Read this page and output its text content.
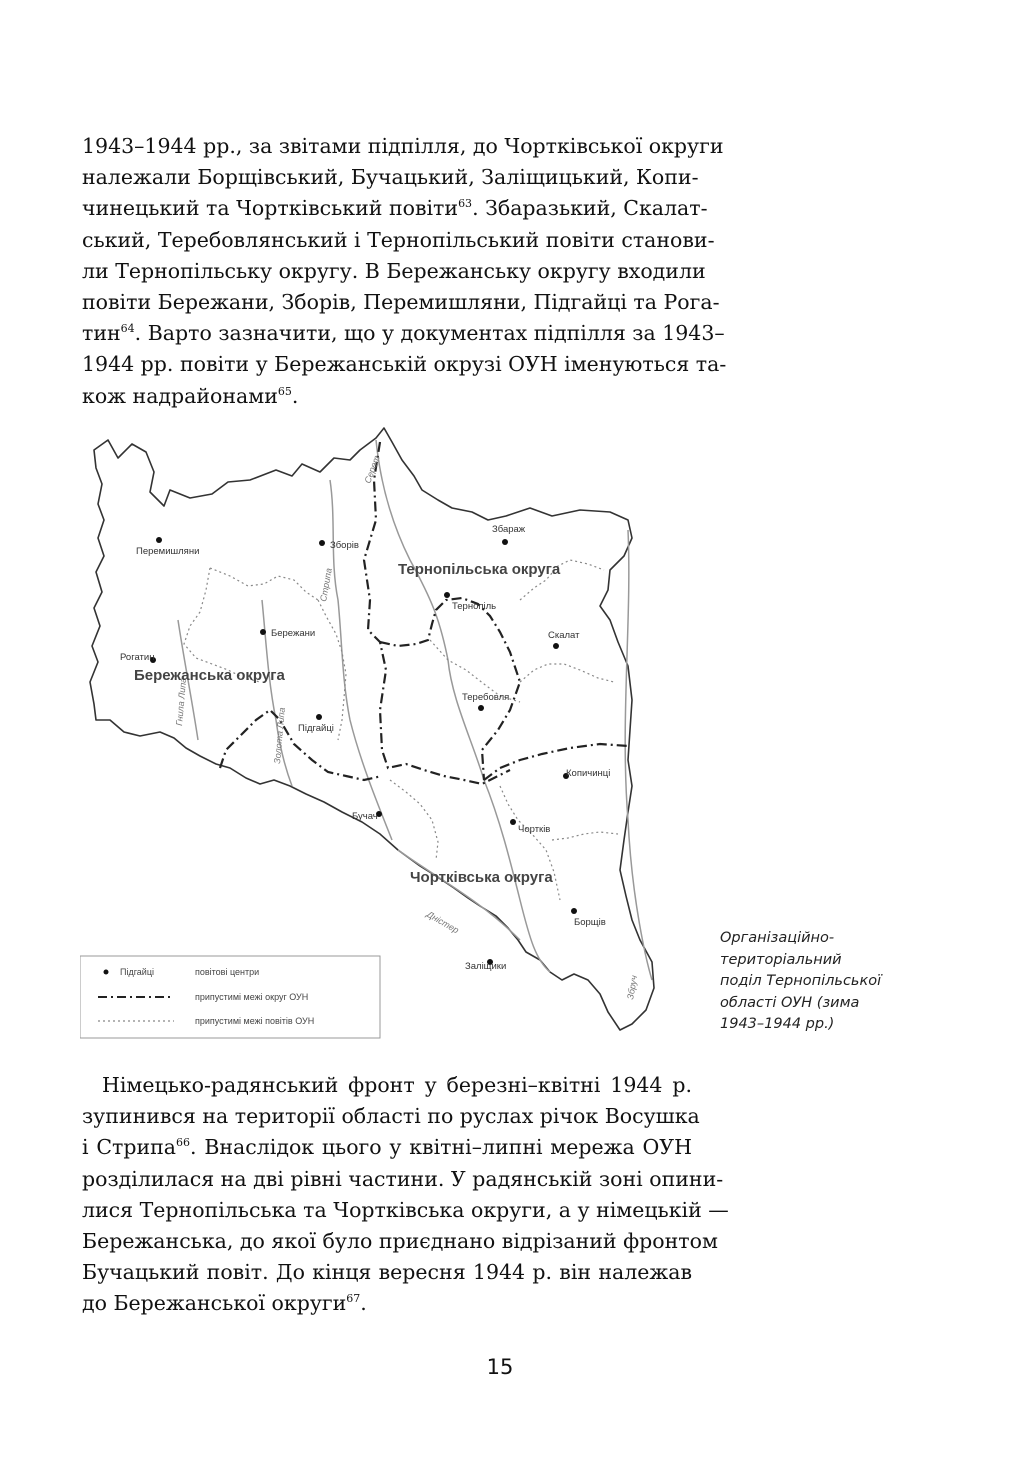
1943–1944 рр., за звітами підпілля, до Чортківської округи
належали Борщівський, Бучацький, Заліщицький, Копи-
чинецький та Чортківський повіти$^{63}$. Збаразький, Скалат-
ський, Теребовлянський і Тернопільський повіти станови-
ли Тернопільську округу. В Бережанську округу входили
повіти Бережани, Зборів, Перемишляни, Підгайці та Рога-
тин$^{64}$. Варто зазначити, що у документах підпілля за 1943–
1944 рр. повіти у Бережанській окрузі ОУН іменуються та-
кож надрайонами$^{65}$.
Перемишляни
Зборів
Збараж
Тернопіль
Бережани	Скалат
Рогатин
Теребовля
Підгайці
Копичинці
Бучач
Чортків
Борщів
Заліщики
Серет
Стрипа
Гнила Липа
Золота Липа
Дністер
Збруч
Тернопільська округа
Бережанська округа
Чортківська округа
Підгайці	повітові центри
припустимі межі округ ОУН
припустимі межі повітів ОУН
Організаційно-
територіальний
поділ Тернопільської
області ОУН (зима
1943–1944 рр.)
Німецько-радянський фронт у березні–квітні 1944 р.
зупинився на території області по руслах річок Восушка
і Стрипа$^{66}$. Внаслідок цього у квітні–липні мережа ОУН
розділилася на дві рівні частини. У радянській зоні опини-
лися Тернопільська та Чортківська округи, а у німецькій —
Бережанська, до якої було приєднано відрізаний фронтом
Бучацький повіт. До кінця вересня 1944 р. він належав
до Бережанської округи$^{67}$.
15
